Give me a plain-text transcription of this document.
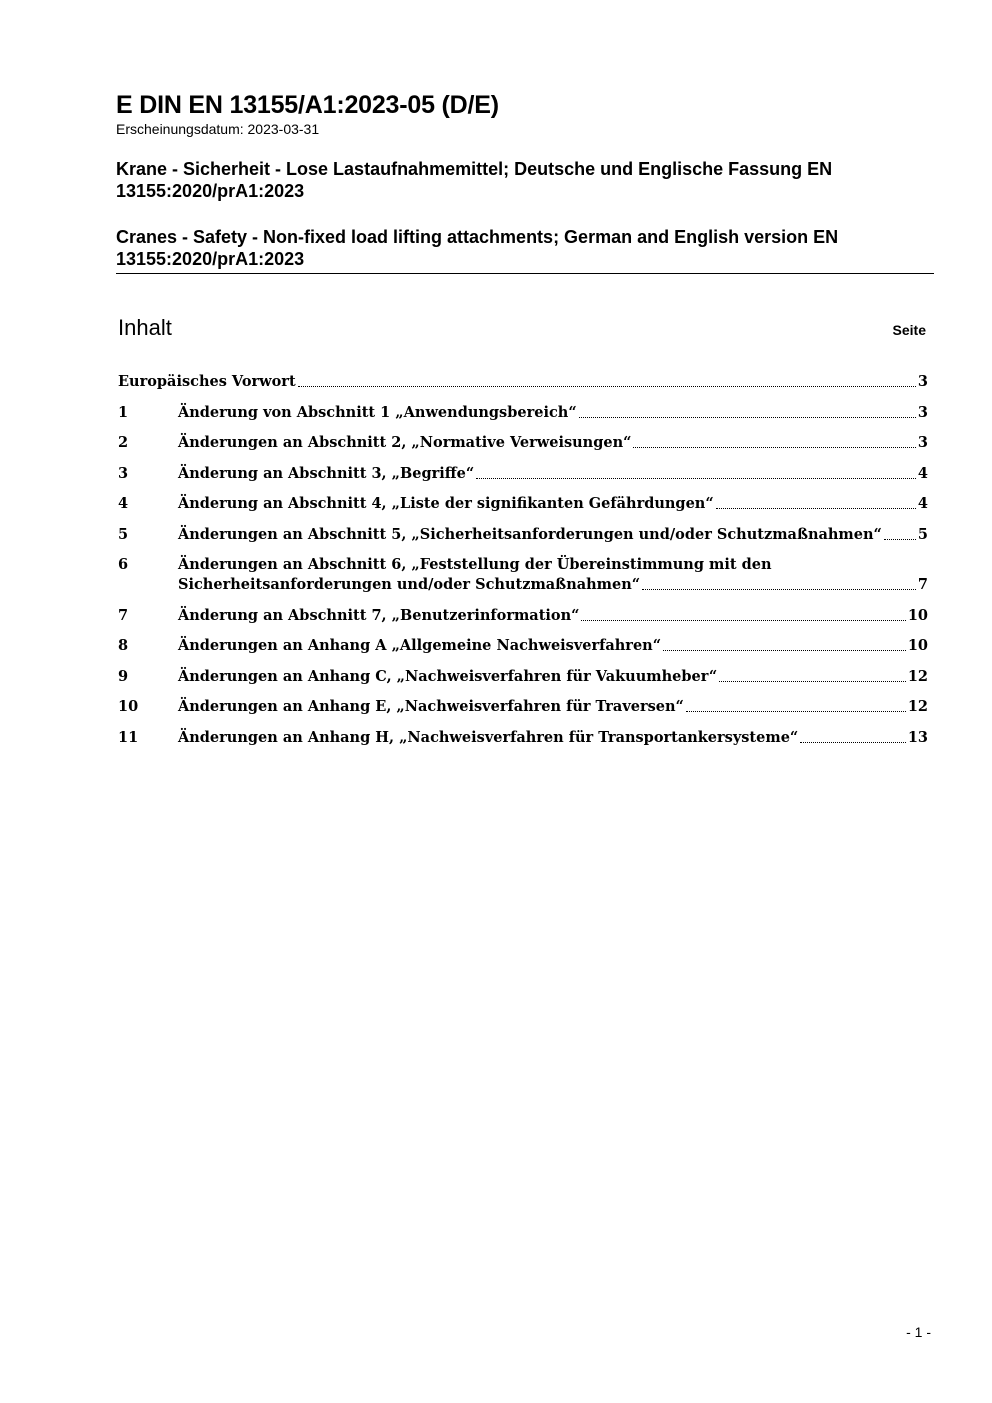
E DIN EN 13155/A1:2023-05 (D/E)
Erscheinungsdatum: 2023-03-31
Krane - Sicherheit - Lose Lastaufnahmemittel; Deutsche und Englische Fassung EN 13155:2020/prA1:2023
Cranes - Safety - Non-fixed load lifting attachments; German and English version EN 13155:2020/prA1:2023
Inhalt	Seite
Europäisches Vorwort	3
1	Änderung von Abschnitt 1 „Anwendungsbereich“	3
2	Änderungen an Abschnitt 2, „Normative Verweisungen“	3
3	Änderung an Abschnitt 3, „Begriffe“	4
4	Änderung an Abschnitt 4, „Liste der signifikanten Gefährdungen“	4
5	Änderungen an Abschnitt 5, „Sicherheitsanforderungen und/oder Schutzmaßnahmen“ 5
6	Änderungen an Abschnitt 6, „Feststellung der Übereinstimmung mit den
Sicherheitsanforderungen und/oder Schutzmaßnahmen“	7
7	Änderung an Abschnitt 7, „Benutzerinformation“	10
8	Änderungen an Anhang A „Allgemeine Nachweisverfahren“	10
9	Änderungen an Anhang C, „Nachweisverfahren für Vakuumheber“	12
10	Änderungen an Anhang E, „Nachweisverfahren für Traversen“	12
11	Änderungen an Anhang H, „Nachweisverfahren für Transportankersysteme“	13
- 1 -
